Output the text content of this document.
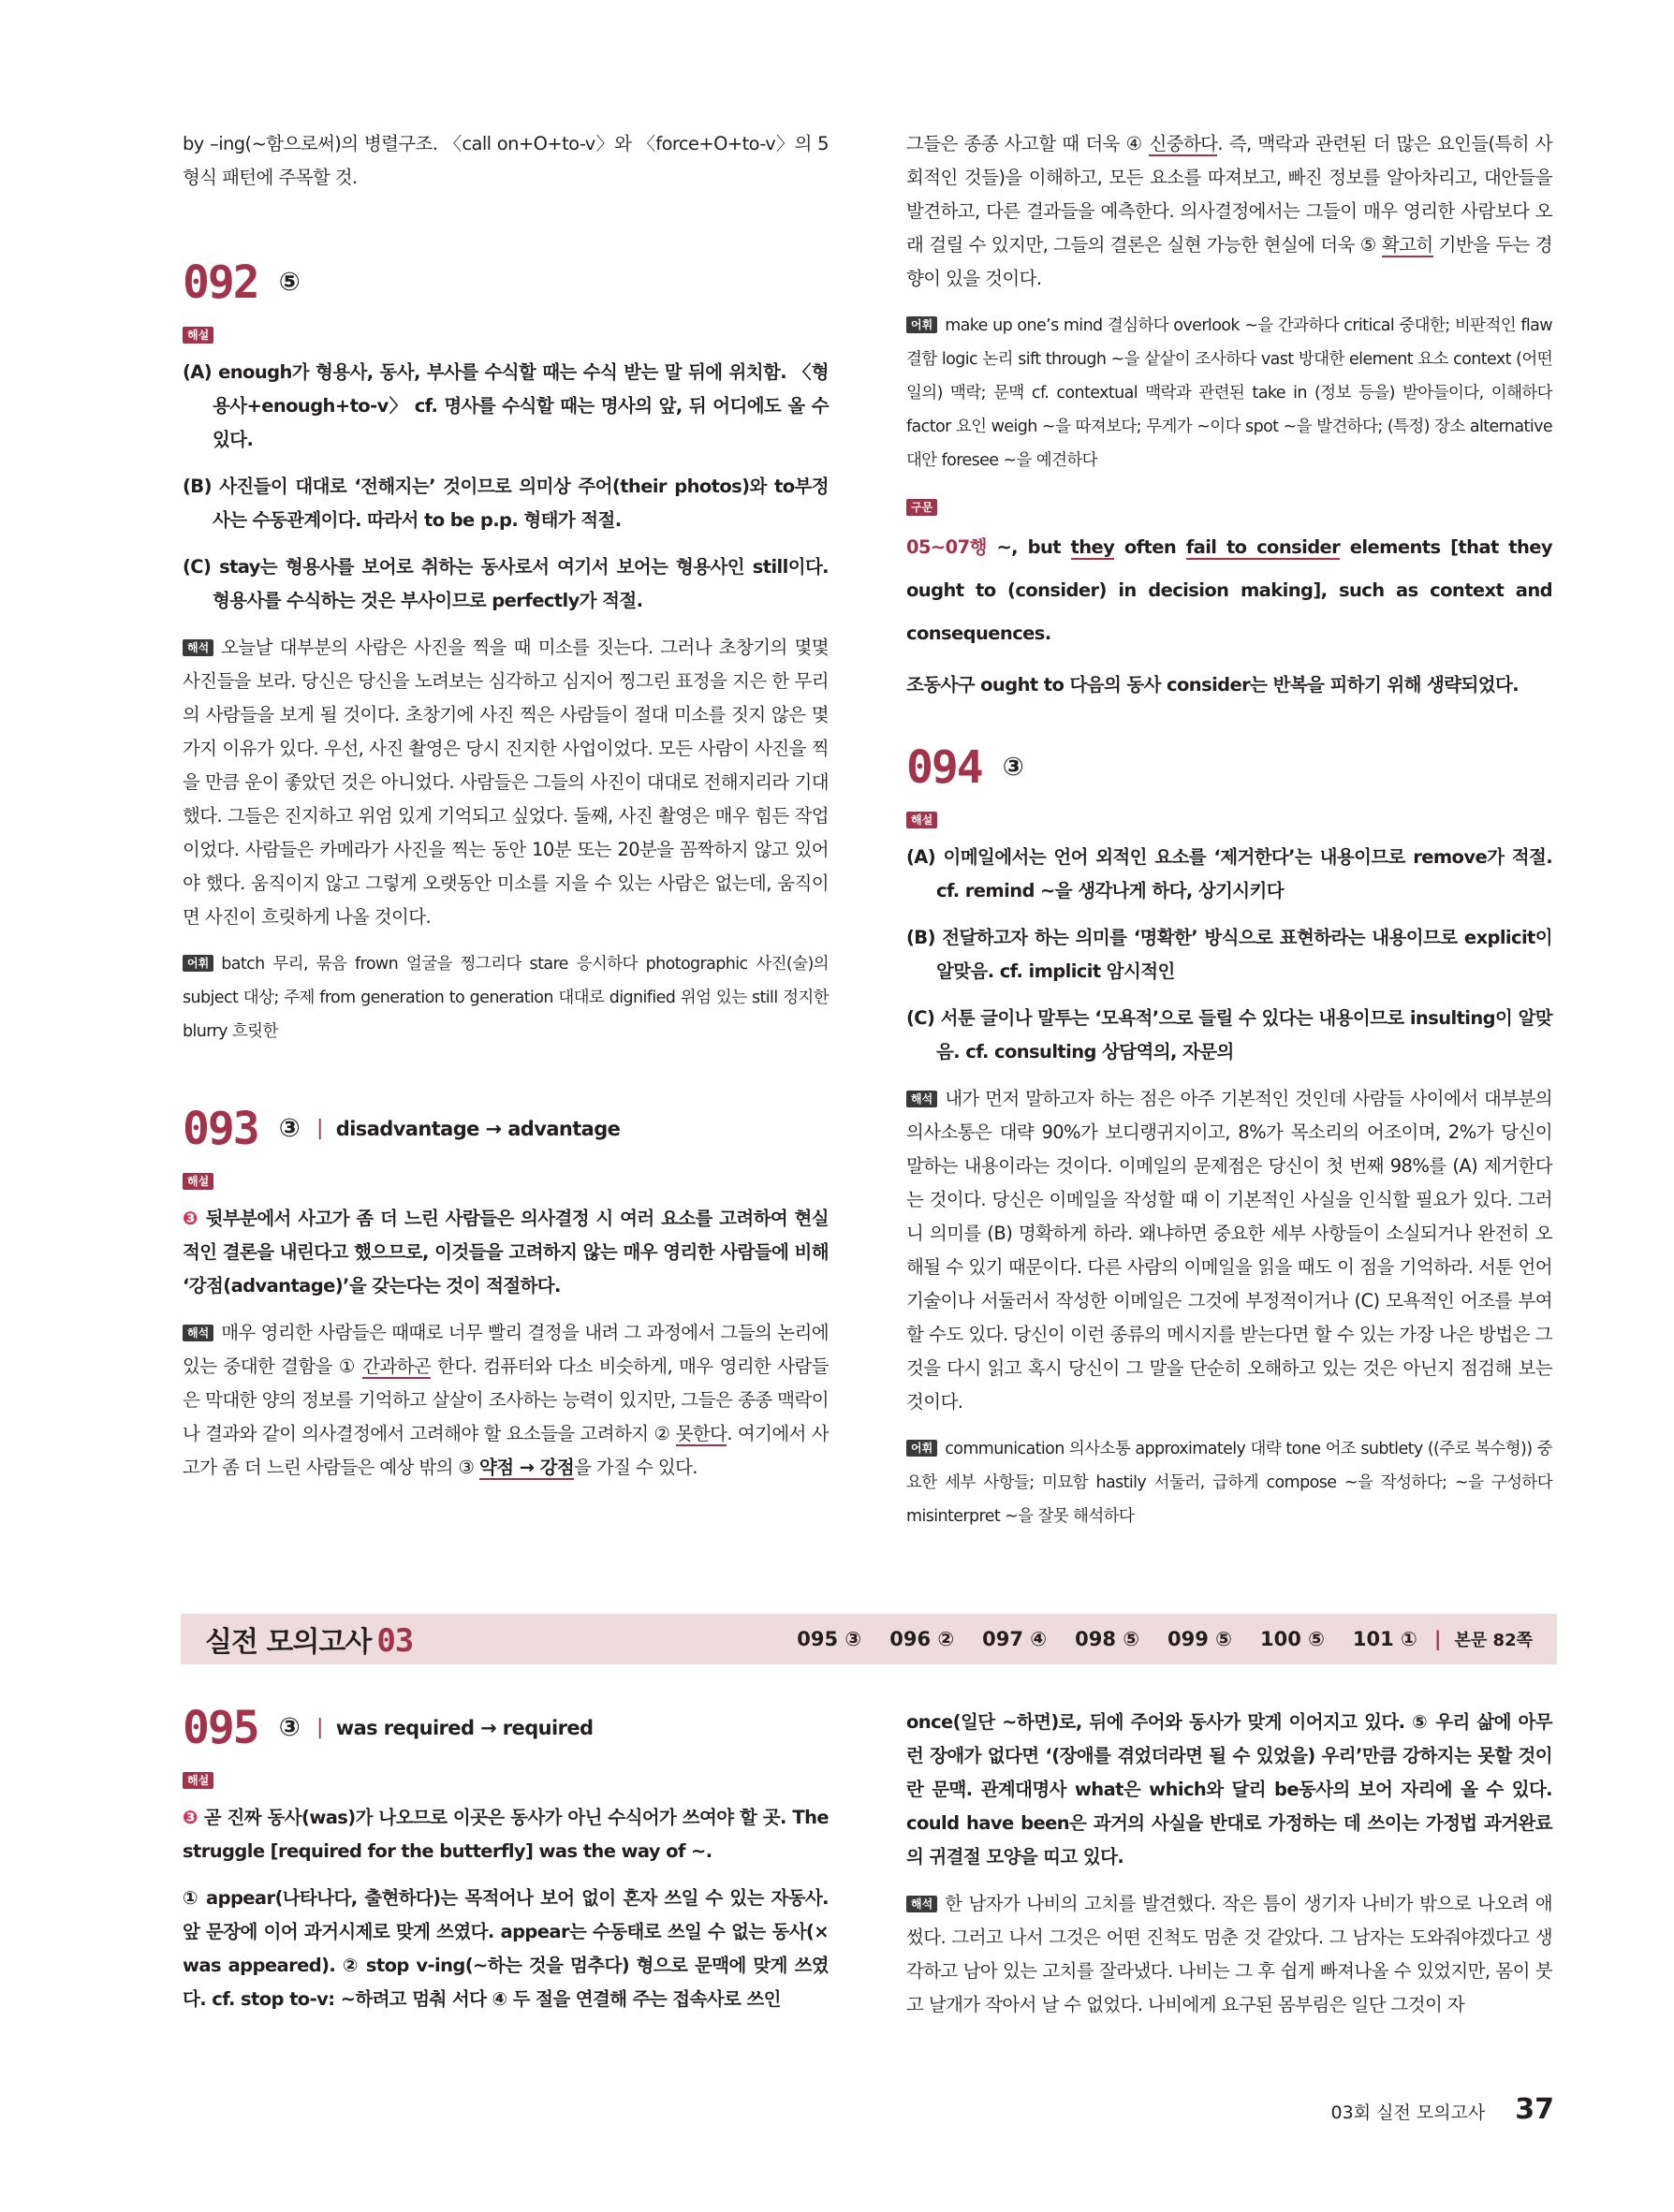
by –ing(~함으로써)의 병렬구조. 〈call on+O+to-v〉와 〈force+O+to-v〉의 5형식 패턴에 주목할 것.

092 ⑤
해설

(A) enough가 형용사, 동사, 부사를 수식할 때는 수식 받는 말 뒤에 위치함. 〈형용사+enough+to-v〉 cf. 명사를 수식할 때는 명사의 앞, 뒤 어디에도 올 수 있다.

(B) 사진들이 대대로 ‘전해지는’ 것이므로 의미상 주어(their photos)와 to부정사는 수동관계이다. 따라서 to be p.p. 형태가 적절.

(C) stay는 형용사를 보어로 취하는 동사로서 여기서 보어는 형용사인 still이다. 형용사를 수식하는 것은 부사이므로 perfectly가 적절.

해석 오늘날 대부분의 사람은 사진을 찍을 때 미소를 짓는다. 그러나 초창기의 몇몇 사진들을 보라. 당신은 당신을 노려보는 심각하고 심지어 찡그린 표정을 지은 한 무리의 사람들을 보게 될 것이다. 초창기에 사진 찍은 사람들이 절대 미소를 짓지 않은 몇 가지 이유가 있다. 우선, 사진 촬영은 당시 진지한 사업이었다. 모든 사람이 사진을 찍을 만큼 운이 좋았던 것은 아니었다. 사람들은 그들의 사진이 대대로 전해지리라 기대했다. 그들은 진지하고 위엄 있게 기억되고 싶었다. 둘째, 사진 촬영은 매우 힘든 작업이었다. 사람들은 카메라가 사진을 찍는 동안 10분 또는 20분을 꼼짝하지 않고 있어야 했다. 움직이지 않고 그렇게 오랫동안 미소를 지을 수 있는 사람은 없는데, 움직이면 사진이 흐릿하게 나올 것이다.

어휘 batch 무리, 묶음 frown 얼굴을 찡그리다 stare 응시하다 photographic 사진(술)의 subject 대상; 주제 from generation to generation 대대로 dignified 위엄 있는 still 정지한 blurry 흐릿한

093 ③ | disadvantage → advantage
해설

❸ 뒷부분에서 사고가 좀 더 느린 사람들은 의사결정 시 여러 요소를 고려하여 현실적인 결론을 내린다고 했으므로, 이것들을 고려하지 않는 매우 영리한 사람들에 비해 ‘강점(advantage)’을 갖는다는 것이 적절하다.

해석 매우 영리한 사람들은 때때로 너무 빨리 결정을 내려 그 과정에서 그들의 논리에 있는 중대한 결함을 ① 간과하곤 한다. 컴퓨터와 다소 비슷하게, 매우 영리한 사람들은 막대한 양의 정보를 기억하고 살살이 조사하는 능력이 있지만, 그들은 종종 맥락이나 결과와 같이 의사결정에서 고려해야 할 요소들을 고려하지 ② 못한다. 여기에서 사고가 좀 더 느린 사람들은 예상 밖의 ③ 약점 → 강점을 가질 수 있다.

그들은 종종 사고할 때 더욱 ④ 신중하다. 즉, 맥락과 관련된 더 많은 요인들(특히 사회적인 것들)을 이해하고, 모든 요소를 따져보고, 빠진 정보를 알아차리고, 대안들을 발견하고, 다른 결과들을 예측한다. 의사결정에서는 그들이 매우 영리한 사람보다 오래 걸릴 수 있지만, 그들의 결론은 실현 가능한 현실에 더욱 ⑤ 확고히 기반을 두는 경향이 있을 것이다.

어휘 make up one’s mind 결심하다 overlook ~을 간과하다 critical 중대한; 비판적인 flaw 결함 logic 논리 sift through ~을 샅샅이 조사하다 vast 방대한 element 요소 context (어떤 일의) 맥락; 문맥 cf. contextual 맥락과 관련된 take in (정보 등을) 받아들이다, 이해하다 factor 요인 weigh ~을 따져보다; 무게가 ~이다 spot ~을 발견하다; (특정) 장소 alternative 대안 foresee ~을 예견하다

구문

05~07행 ~, but they often fail to consider elements [that they ought to (consider) in decision making], such as context and consequences.

조동사구 ought to 다음의 동사 consider는 반복을 피하기 위해 생략되었다.

094 ③
해설

(A) 이메일에서는 언어 외적인 요소를 ‘제거한다’는 내용이므로 remove가 적절. cf. remind ~을 생각나게 하다, 상기시키다

(B) 전달하고자 하는 의미를 ‘명확한’ 방식으로 표현하라는 내용이므로 explicit이 알맞음. cf. implicit 암시적인

(C) 서툰 글이나 말투는 ‘모욕적’으로 들릴 수 있다는 내용이므로 insulting이 알맞음. cf. consulting 상담역의, 자문의

해석 내가 먼저 말하고자 하는 점은 아주 기본적인 것인데 사람들 사이에서 대부분의 의사소통은 대략 90%가 보디랭귀지이고, 8%가 목소리의 어조이며, 2%가 당신이 말하는 내용이라는 것이다. 이메일의 문제점은 당신이 첫 번째 98%를 (A) 제거한다는 것이다. 당신은 이메일을 작성할 때 이 기본적인 사실을 인식할 필요가 있다. 그러니 의미를 (B) 명확하게 하라. 왜냐하면 중요한 세부 사항들이 소실되거나 완전히 오해될 수 있기 때문이다. 다른 사람의 이메일을 읽을 때도 이 점을 기억하라. 서툰 언어 기술이나 서둘러서 작성한 이메일은 그것에 부정적이거나 (C) 모욕적인 어조를 부여할 수도 있다. 당신이 이런 종류의 메시지를 받는다면 할 수 있는 가장 나은 방법은 그것을 다시 읽고 혹시 당신이 그 말을 단순히 오해하고 있는 것은 아닌지 점검해 보는 것이다.

어휘 communication 의사소통 approximately 대략 tone 어조 subtlety ((주로 복수형)) 중요한 세부 사항들; 미묘함 hastily 서둘러, 급하게 compose ~을 작성하다; ~을 구성하다 misinterpret ~을 잘못 해석하다

실전 모의고사 03	095 ③ 096 ② 097 ④ 098 ⑤ 099 ⑤ 100 ⑤ 101 ① | 본문 82쪽
095 ③ | was required → required
해설

❸ 곧 진짜 동사(was)가 나오므로 이곳은 동사가 아닌 수식어가 쓰여야 할 곳. The struggle [required for the butterfly] was the way of ~.

① appear(나타나다, 출현하다)는 목적어나 보어 없이 혼자 쓰일 수 있는 자동사. 앞 문장에 이어 과거시제로 맞게 쓰였다. appear는 수동태로 쓰일 수 없는 동사(× was appeared). ② stop v-ing(~하는 것을 멈추다) 형으로 문맥에 맞게 쓰였다. cf. stop to-v: ~하려고 멈춰 서다 ④ 두 절을 연결해 주는 접속사로 쓰인

once(일단 ~하면)로, 뒤에 주어와 동사가 맞게 이어지고 있다. ⑤ 우리 삶에 아무런 장애가 없다면 ‘(장애를 겪었더라면 될 수 있었을) 우리’만큼 강하지는 못할 것이란 문맥. 관계대명사 what은 which와 달리 be동사의 보어 자리에 올 수 있다. could have been은 과거의 사실을 반대로 가정하는 데 쓰이는 가정법 과거완료의 귀결절 모양을 띠고 있다.

해석 한 남자가 나비의 고치를 발견했다. 작은 틈이 생기자 나비가 밖으로 나오려 애썼다. 그러고 나서 그것은 어떤 진척도 멈춘 것 같았다. 그 남자는 도와줘야겠다고 생각하고 남아 있는 고치를 잘라냈다. 나비는 그 후 쉽게 빠져나올 수 있었지만, 몸이 붓고 날개가 작아서 날 수 없었다. 나비에게 요구된 몸부림은 일단 그것이 자

03회 실전 모의고사 37
